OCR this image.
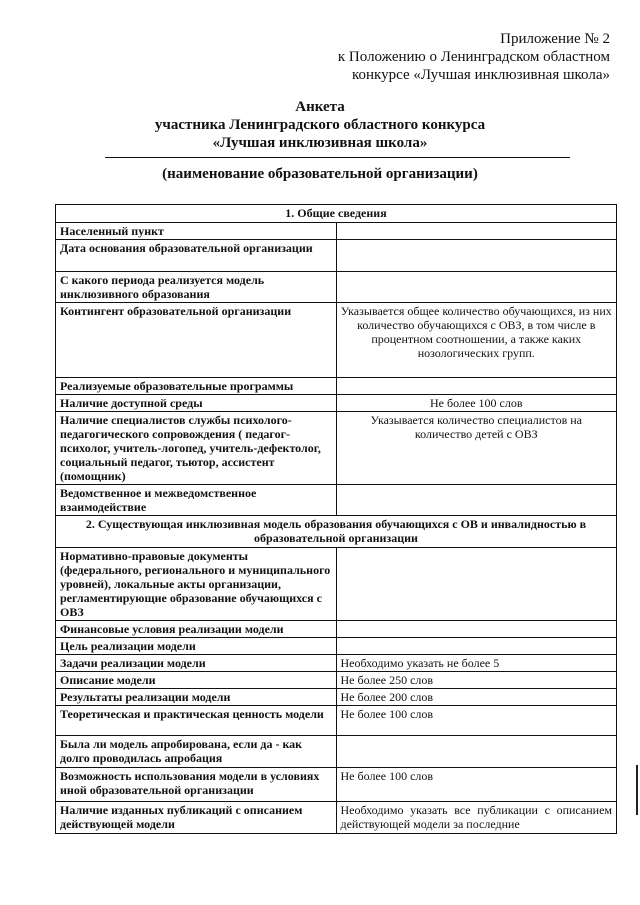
Приложение № 2
к Положению о Ленинградском областном
конкурсе «Лучшая инклюзивная школа»
Анкета
участника Ленинградского областного конкурса
«Лучшая инклюзивная школа»
(наименование образовательной организации)
1. Общие сведения	
Населенный пункт	
Дата основания образовательной организации	
С какого периода реализуется модель инклюзивного образования	
Контингент образовательной организации	Указывается общее количество обучающихся, из них количество обучающихся с ОВЗ, в том числе в процентном соотношении, а также каких нозологических групп.
Реализуемые образовательные программы	
Наличие доступной среды	Не более 100 слов
Наличие специалистов службы психолого-педагогического сопровождения ( педагог-психолог, учитель-логопед, учитель-дефектолог, социальный педагог, тьютор, ассистент (помощник)	Указывается количество специалистов на количество детей с ОВЗ
Ведомственное и межведомственное взаимодействие	
2. Существующая инклюзивная модель образования обучающихся с ОВ и инвалидностью в образовательной организации	
Нормативно-правовые документы (федерального, регионального и муниципального уровней), локальные акты организации, регламентирующие образование обучающихся с ОВЗ	
Финансовые условия реализации модели	
Цель реализации модели	
Задачи реализации модели	Необходимо указать не более 5
Описание модели	Не более 250 слов
Результаты реализации модели	Не более 200 слов
Теоретическая и практическая ценность модели	Не более 100 слов
Была ли модель апробирована, если да - как долго проводилась апробация	
Возможность использования модели в условиях иной образовательной организации	Не более 100 слов
Наличие изданных публикаций с описанием действующей модели	Необходимо указать все публикации с описанием действующей модели за последние
